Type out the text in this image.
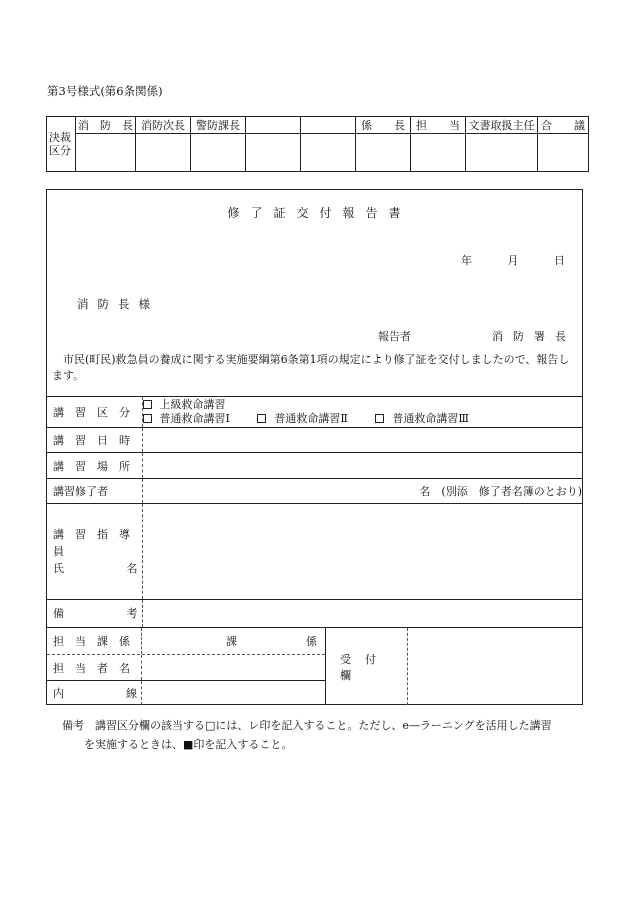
第3号様式(第6条関係)
決裁区分	消　防　長	消防次長	警防課長			係　　長	担　　当	文書取扱主任	合　　議

修了証交付報告書
年	月	日
消防長様
報告者	消防署長
市民(町民)救急員の養成に関する実施要綱第6条第1項の規定により修了証を交付しましたので、報告します。
講　習　区　分	上級救命講習
普通救命講習Ⅰ 普通救命講習Ⅱ 普通救命講習Ⅲ

講　習　日　時	

講　習　場　所	

講習修了者	名　(別添　修了者名簿のとおり)

講　習　指　導　員
氏 名	

備 考	

担　当　課　係	課	係
担　当　者　名
内	線
受付欄
備考　講習区分欄の該当する□には、レ印を記入すること。ただし、e―ラーニングを活用した講習
を実施するときは、■印を記入すること。
